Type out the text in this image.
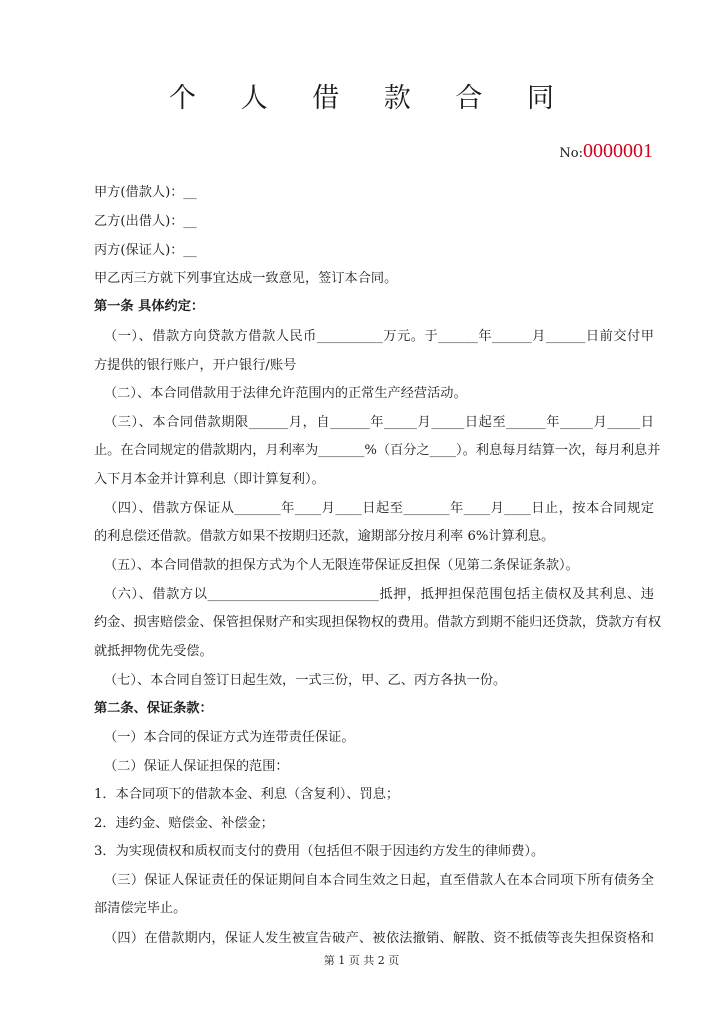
个 人 借 款 合 同
No:0000001
甲方(借款人)：__
乙方(出借人)：__
丙方(保证人)：__
甲乙丙三方就下列事宜达成一致意见，签订本合同。
第一条 具体约定：
（一）、借款方向贷款方借款人民币__________万元。于______年______月______日前交付甲
方提供的银行账户，开户银行/账号
（二）、本合同借款用于法律允许范围内的正常生产经营活动。
（三）、本合同借款期限______月，自______年_____月_____日起至______年_____月_____日
止。在合同规定的借款期内，月利率为_______%（百分之____）。利息每月结算一次，每月利息并
入下月本金并计算利息（即计算复利）。
（四）、借款方保证从_______年____月____日起至_______年____月____日止，按本合同规定
的利息偿还借款。借款方如果不按期归还款，逾期部分按月利率 6%计算利息。
（五）、本合同借款的担保方式为个人无限连带保证反担保（见第二条保证条款）。
（六）、借款方以__________________________抵押，抵押担保范围包括主债权及其利息、违
约金、损害赔偿金、保管担保财产和实现担保物权的费用。借款方到期不能归还贷款，贷款方有权
就抵押物优先受偿。
（七）、本合同自签订日起生效，一式三份，甲、乙、丙方各执一份。
第二条、保证条款：
（一）本合同的保证方式为连带责任保证。
（二）保证人保证担保的范围：
1．本合同项下的借款本金、利息（含复利）、罚息；
2．违约金、赔偿金、补偿金；
3．为实现债权和质权而支付的费用（包括但不限于因违约方发生的律师费）。
（三）保证人保证责任的保证期间自本合同生效之日起，直至借款人在本合同项下所有债务全
部清偿完毕止。
（四）在借款期内，保证人发生被宣告破产、被依法撤销、解散、资不抵债等丧失担保资格和
第 1 页 共 2 页
